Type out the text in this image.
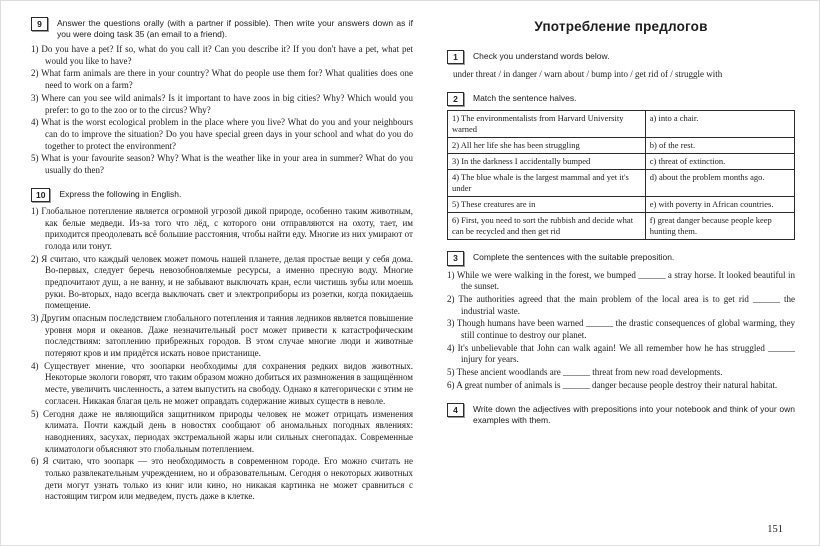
9	Answer the questions orally (with a partner if possible). Then write your answers down as if you were doing task 35 (an email to a friend).

1) Do you have a pet? If so, what do you call it? Can you describe it? If you don't have a pet, what pet would you like to have?

2) What farm animals are there in your country? What do people use them for? What qualities does one need to work on a farm?

3) Where can you see wild animals? Is it important to have zoos in big cities? Why? Which would you prefer: to go to the zoo or to the circus? Why?

4) What is the worst ecological problem in the place where you live? What do you and your neighbours can do to improve the situation? Do you have special green days in your school and what do you do together to protect the environment?

5) What is your favourite season? Why? What is the weather like in your area in summer? What do you usually do then?

10	Express the following in English.

1) Глобальное потепление является огромной угрозой дикой природе, особенно таким животным, как белые медведи. Из-за того что лёд, с которого они отправляются на охоту, тает, им приходится преодолевать всё большие расстояния, чтобы найти еду. Многие из них умирают от голода или тонут.

2) Я считаю, что каждый человек может помочь нашей планете, делая простые вещи у себя дома. Во-первых, следует беречь невозобновляемые ресурсы, а именно пресную воду. Многие предпочитают душ, а не ванну, и не забывают выключать кран, если чистишь зубы или моешь руки. Во-вторых, надо всегда выключать свет и электроприборы из розетки, когда покидаешь помещение.

3) Другим опасным последствием глобального потепления и таяния ледников является повышение уровня моря и океанов. Даже незначительный рост может привести к катастрофическим последствиям: затоплению прибрежных городов. В этом случае многие люди и животные потеряют кров и им придётся искать новое пристанище.

4) Существует мнение, что зоопарки необходимы для сохранения редких видов животных. Некоторые экологи говорят, что таким образом можно добиться их размножения в защищённом месте, увеличить численность, а затем выпустить на свободу. Однако я категорически с этим не согласен. Никакая благая цель не может оправдать содержание живых существ в неволе.

5) Сегодня даже не являющийся защитником природы человек не может отрицать изменения климата. Почти каждый день в новостях сообщают об аномальных погодных явлениях: наводнениях, засухах, периодах экстремальной жары или сильных снегопадах. Современные климатологи объясняют это глобальным потеплением.

6) Я считаю, что зоопарк — это необходимость в современном городе. Его можно считать не только развлекательным учреждением, но и образовательным. Сегодня о некоторых животных дети могут узнать только из книг или кино, но никакая картинка не может сравниться с настоящим тигром или медведем, пусть даже в клетке.

Употребление предлогов
1	Check you understand words below.

under threat / in danger / warn about / bump into / get rid of / struggle with

2	Match the sentence halves.

1) The environmentalists from Harvard University warned	a) into a chair.
2) All her life she has been struggling	b) of the rest.
3) In the darkness I accidentally bumped	c) threat of extinction.
4) The blue whale is the largest mammal and yet it's under	d) about the problem months ago.
5) These creatures are in	e) with poverty in African countries.
6) First, you need to sort the rubbish and decide what can be recycled and then get rid	f) great danger because people keep hunting them.
3	Complete the sentences with the suitable preposition.

1) While we were walking in the forest, we bumped ______ a stray horse. It looked beautiful in the sunset.

2) The authorities agreed that the main problem of the local area is to get rid ______ the industrial waste.

3) Though humans have been warned ______ the drastic consequences of global warming, they still continue to destroy our planet.

4) It's unbelievable that John can walk again! We all remember how he has struggled ______ injury for years.

5) These ancient woodlands are ______ threat from new road developments.

6) A great number of animals is ______ danger because people destroy their natural habitat.

4	Write down the adjectives with prepositions into your notebook and think of your own examples with them.

151
